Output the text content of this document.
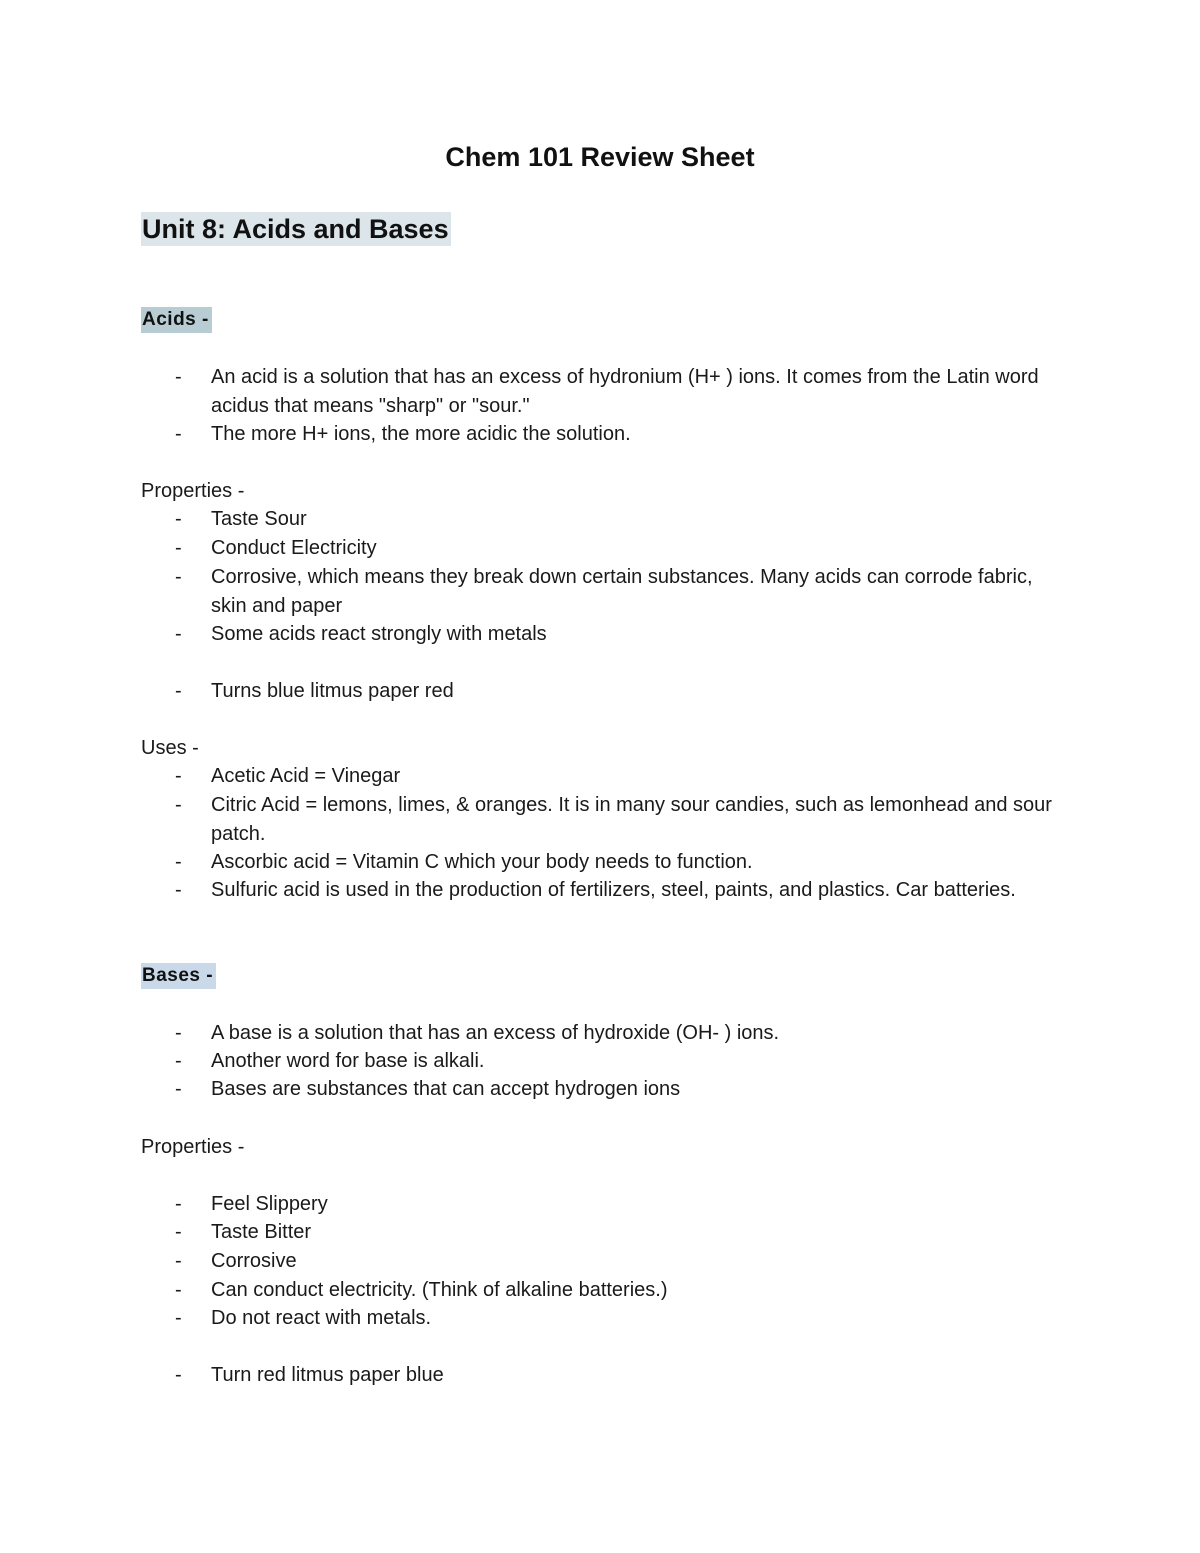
Chem 101 Review Sheet
Unit 8: Acids and Bases
Acids -
-	An acid is a solution that has an excess of hydronium (H+ ) ions. It comes from the Latin word acidus that means "sharp" or "sour."
-	The more H+ ions, the more acidic the solution.
Properties -
-	Taste Sour
-	Conduct Electricity
-	Corrosive, which means they break down certain substances. Many acids can corrode fabric, skin and paper
-	Some acids react strongly with metals
-	Turns blue litmus paper red
Uses -
-	Acetic Acid = Vinegar
-	Citric Acid = lemons, limes, & oranges. It is in many sour candies, such as lemonhead and sour patch.
-	Ascorbic acid = Vitamin C which your body needs to function.
-	Sulfuric acid is used in the production of fertilizers, steel, paints, and plastics. Car batteries.
Bases -
-	A base is a solution that has an excess of hydroxide (OH- ) ions.
-	Another word for base is alkali.
-	Bases are substances that can accept hydrogen ions
Properties -
-	Feel Slippery
-	Taste Bitter
-	Corrosive
-	Can conduct electricity. (Think of alkaline batteries.)
-	Do not react with metals.
-	Turn red litmus paper blue
